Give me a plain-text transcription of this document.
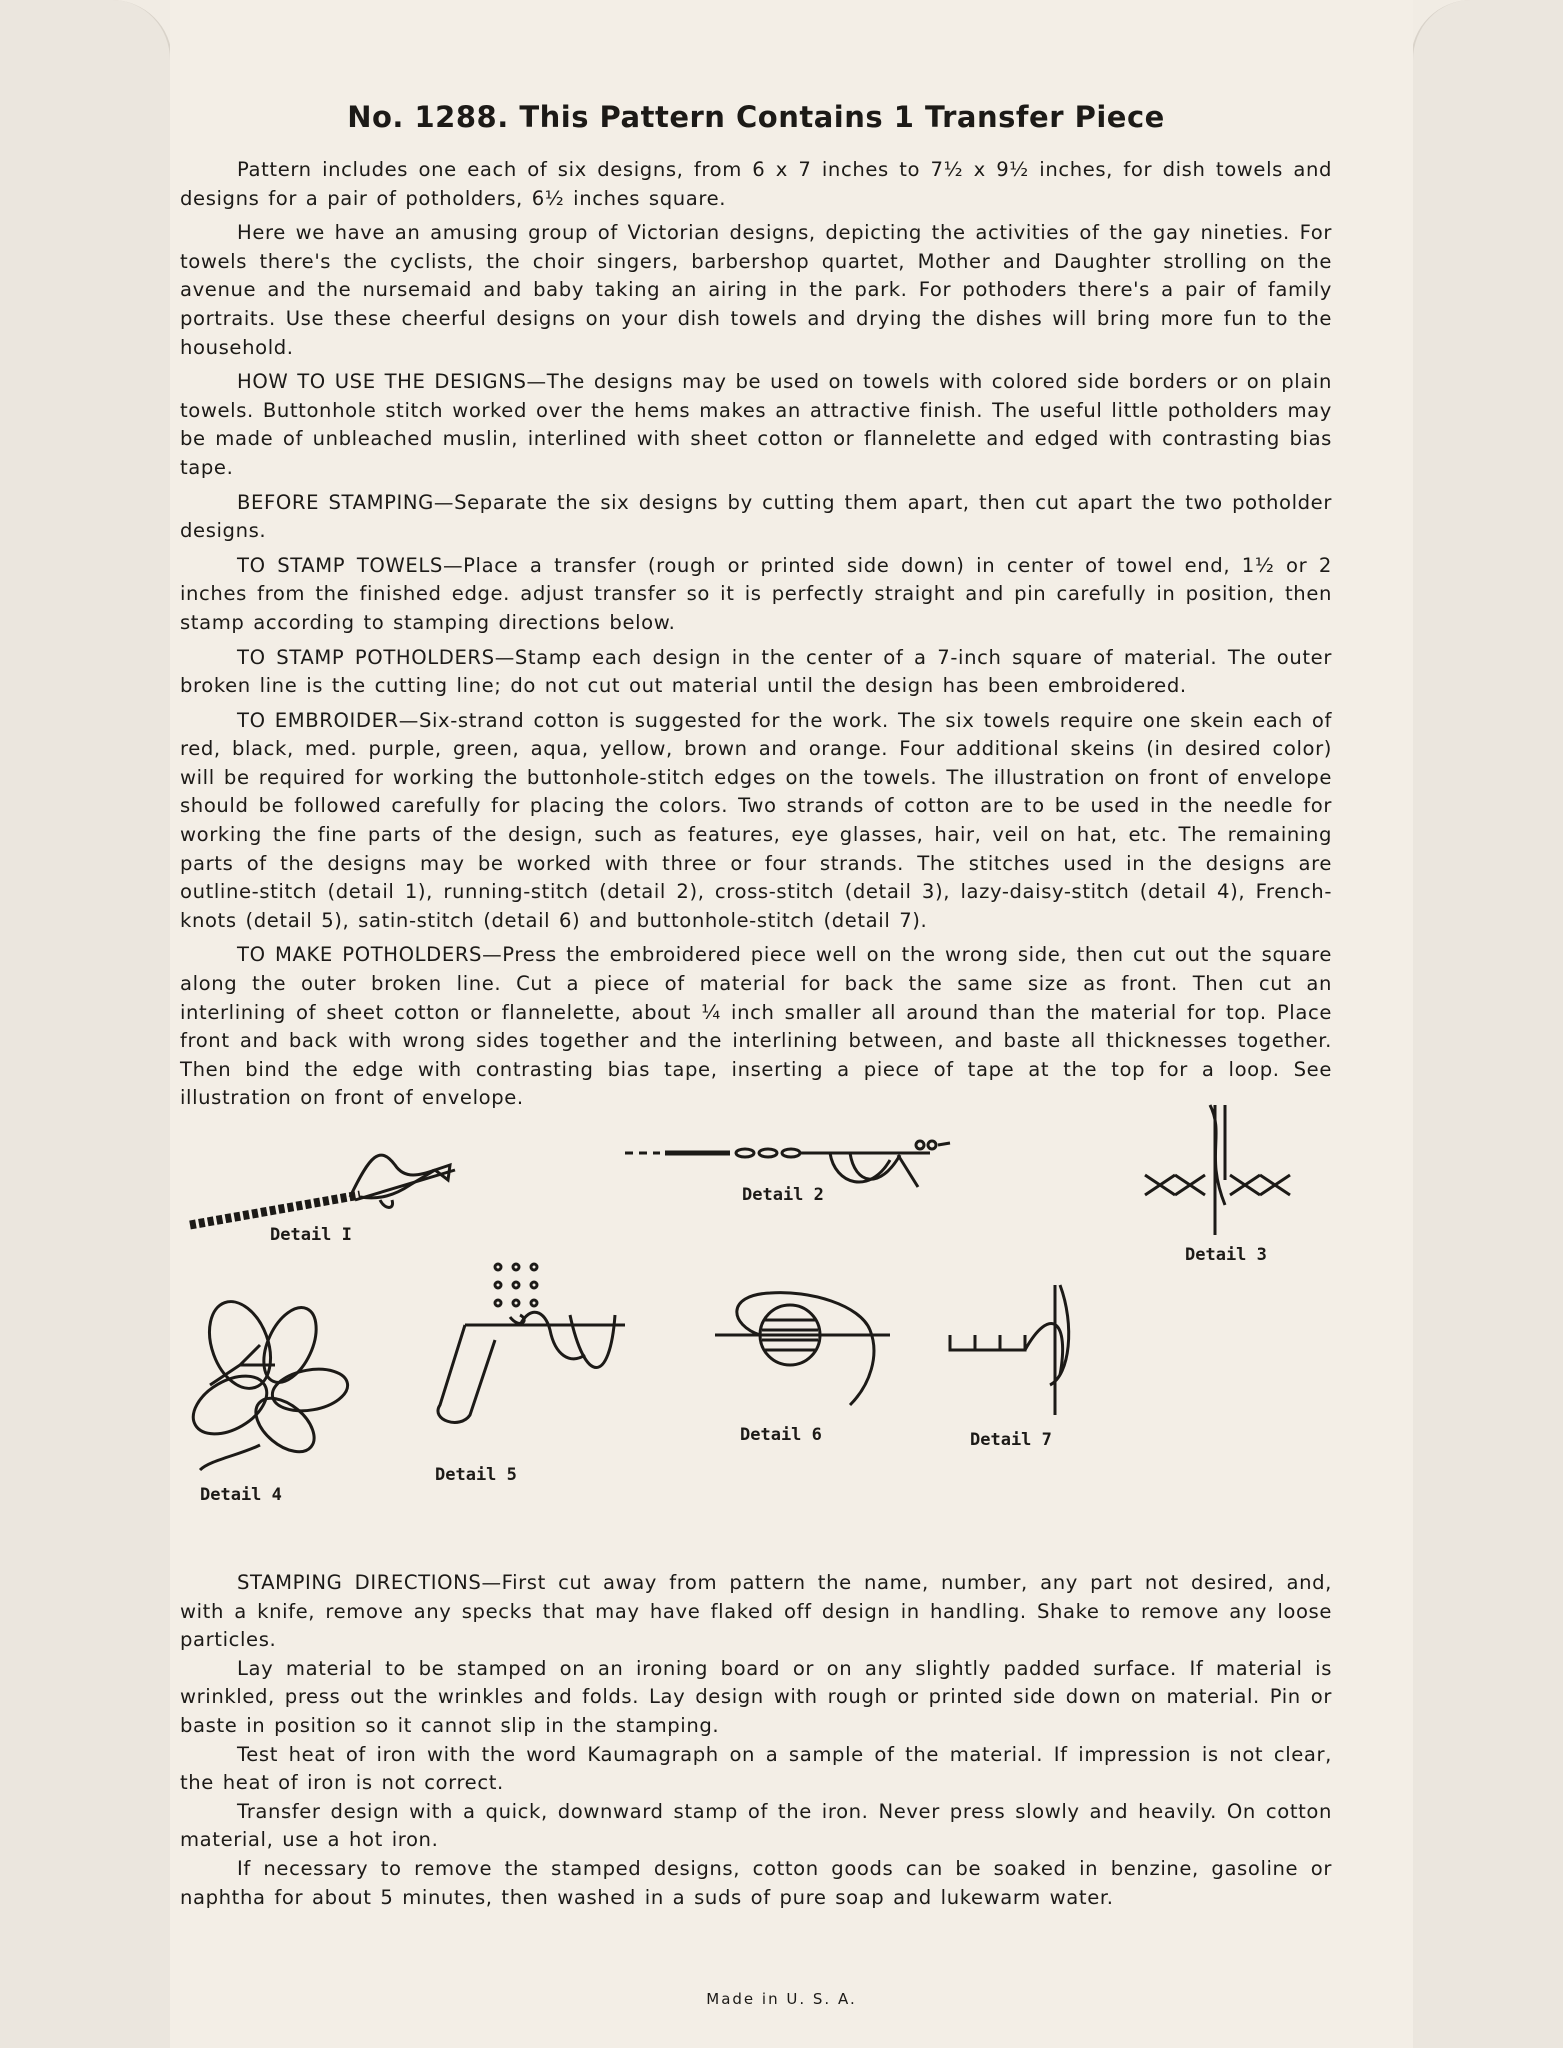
No. 1288. This Pattern Contains 1 Transfer Piece

Pattern includes one each of six designs, from 6 x 7 inches to 7½ x 9½ inches, for dish towels and designs for a pair of potholders, 6½ inches square.

Here we have an amusing group of Victorian designs, depicting the activities of the gay nineties. For towels there's the cyclists, the choir singers, barbershop quartet, Mother and Daughter strolling on the avenue and the nursemaid and baby taking an airing in the park. For pothoders there's a pair of family portraits. Use these cheerful designs on your dish towels and drying the dishes will bring more fun to the household.

HOW TO USE THE DESIGNS—The designs may be used on towels with colored side borders or on plain towels. Buttonhole stitch worked over the hems makes an attractive finish. The useful little potholders may be made of unbleached muslin, interlined with sheet cotton or flannelette and edged with contrasting bias tape.

BEFORE STAMPING—Separate the six designs by cutting them apart, then cut apart the two potholder designs.

TO STAMP TOWELS—Place a transfer (rough or printed side down) in center of towel end, 1½ or 2 inches from the finished edge. adjust transfer so it is perfectly straight and pin carefully in position, then stamp according to stamping directions below.

TO STAMP POTHOLDERS—Stamp each design in the center of a 7-inch square of material. The outer broken line is the cutting line; do not cut out material until the design has been embroidered.

TO EMBROIDER—Six-strand cotton is suggested for the work. The six towels require one skein each of red, black, med. purple, green, aqua, yellow, brown and orange. Four additional skeins (in desired color) will be required for working the buttonhole-stitch edges on the towels. The illustration on front of envelope should be followed carefully for placing the colors. Two strands of cotton are to be used in the needle for working the fine parts of the design, such as features, eye glasses, hair, veil on hat, etc. The remaining parts of the designs may be worked with three or four strands. The stitches used in the designs are outline-stitch (detail 1), running-stitch (detail 2), cross-stitch (detail 3), lazy-daisy-stitch (detail 4), French-knots (detail 5), satin-stitch (detail 6) and buttonhole-stitch (detail 7).

TO MAKE POTHOLDERS—Press the embroidered piece well on the wrong side, then cut out the square along the outer broken line. Cut a piece of material for back the same size as front. Then cut an interlining of sheet cotton or flannelette, about ¼ inch smaller all around than the material for top. Place front and back with wrong sides together and the interlining between, and baste all thicknesses together. Then bind the edge with contrasting bias tape, inserting a piece of tape at the top for a loop. See illustration on front of envelope.

Detail I
Detail 2
Detail 3
Detail 4
Detail 5
Detail 6	Detail 7

STAMPING DIRECTIONS—First cut away from pattern the name, number, any part not desired, and, with a knife, remove any specks that may have flaked off design in handling. Shake to remove any loose particles.

Lay material to be stamped on an ironing board or on any slightly padded surface. If material is wrinkled, press out the wrinkles and folds. Lay design with rough or printed side down on material. Pin or baste in position so it cannot slip in the stamping.

Test heat of iron with the word Kaumagraph on a sample of the material. If impression is not clear, the heat of iron is not correct.

Transfer design with a quick, downward stamp of the iron. Never press slowly and heavily. On cotton material, use a hot iron.

If necessary to remove the stamped designs, cotton goods can be soaked in benzine, gasoline or naphtha for about 5 minutes, then washed in a suds of pure soap and lukewarm water.

Made in U. S. A.
